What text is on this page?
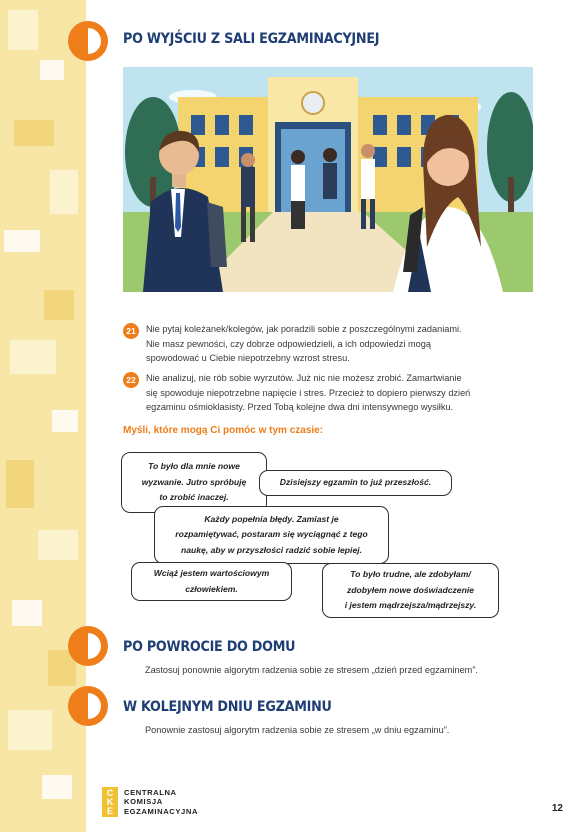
PO WYJŚCIU Z SALI EGZAMINACYJNEJ
21	Nie pytaj koleżanek/kolegów, jak poradzili sobie z poszczególnymi zadaniami.
Nie masz pewności, czy dobrze odpowiedzieli, a ich odpowiedzi mogą
spowodować u Ciebie niepotrzebny wzrost stresu.
22	Nie analizuj, nie rób sobie wyrzutów. Już nic nie możesz zrobić. Zamartwianie
się spowoduje niepotrzebne napięcie i stres. Przecież to dopiero pierwszy dzień
egzaminu ośmioklasisty. Przed Tobą kolejne dwa dni intensywnego wysiłku.
Myśli, które mogą Ci pomóc w tym czasie:
To było dla mnie nowe
wyzwanie. Jutro spróbuję
to zrobić inaczej.
Dzisiejszy egzamin to już przeszłość.
Każdy popełnia błędy. Zamiast je
rozpamiętywać, postaram się wyciągnąć z tego
naukę, aby w przyszłości radzić sobie lepiej.
Wciąż jestem wartościowym
człowiekiem.
To było trudne, ale zdobyłam/
zdobyłem nowe doświadczenie
i jestem mądrzejsza/mądrzejszy.
PO POWROCIE DO DOMU

Zastosuj ponownie algorytm radzenia sobie ze stresem „dzień przed egzaminem”.

W KOLEJNYM DNIU EGZAMINU

Ponownie zastosuj algorytm radzenia sobie ze stresem „w dniu egzaminu”.

C
K
E
CENTRALNA
KOMISJA
EGZAMINACYJNA	12
